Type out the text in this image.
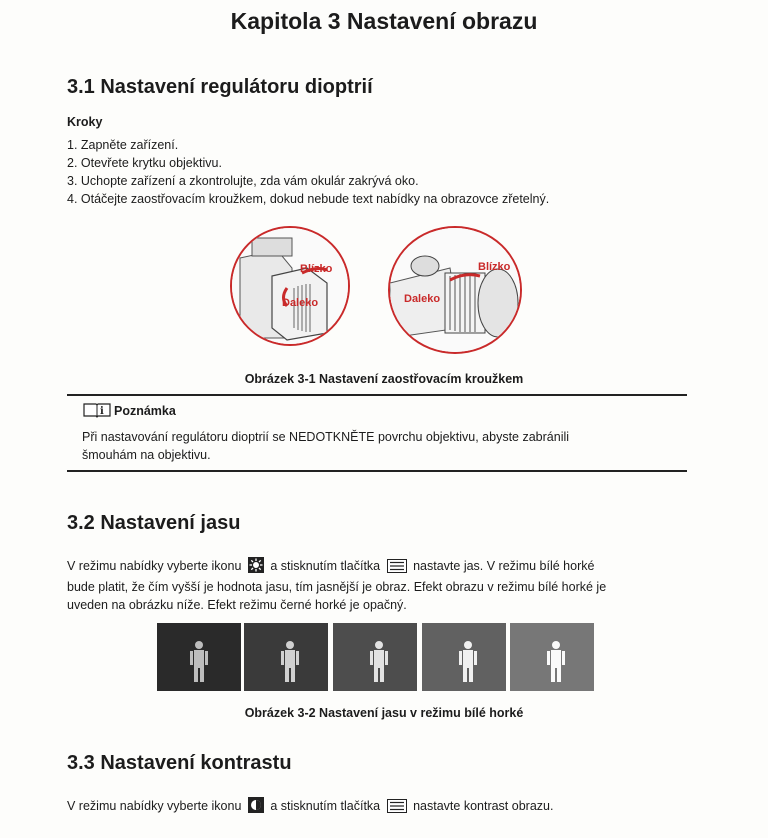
Kapitola 3 Nastavení obrazu
3.1 Nastavení regulátoru dioptrií
Kroky
1. Zapněte zařízení.
2. Otevřete krytku objektivu.
3. Uchopte zařízení a zkontrolujte, zda vám okulár zakrývá oko.
4. Otáčejte zaostřovacím kroužkem, dokud nebude text nabídky na obrazovce zřetelný.
Blízko
Daleko
Blízko
Daleko
Obrázek 3-1 Nastavení zaostřovacím kroužkem
i Poznámka
Při nastavování regulátoru dioptrií se NEDOTKNĚTE povrchu objektivu, abyste zabránili
šmouhám na objektivu.
3.2 Nastavení jasu
V režimu nabídky vyberte ikonu a stisknutím tlačítka	nastavte jas. V režimu bílé horké
bude platit, že čím vyšší je hodnota jasu, tím jasnější je obraz. Efekt obrazu v režimu bílé horké je
uveden na obrázku níže. Efekt režimu černé horké je opačný.
Obrázek 3-2 Nastavení jasu v režimu bílé horké
3.3 Nastavení kontrastu
V režimu nabídky vyberte ikonu a stisknutím tlačítka	nastavte kontrast obrazu.
